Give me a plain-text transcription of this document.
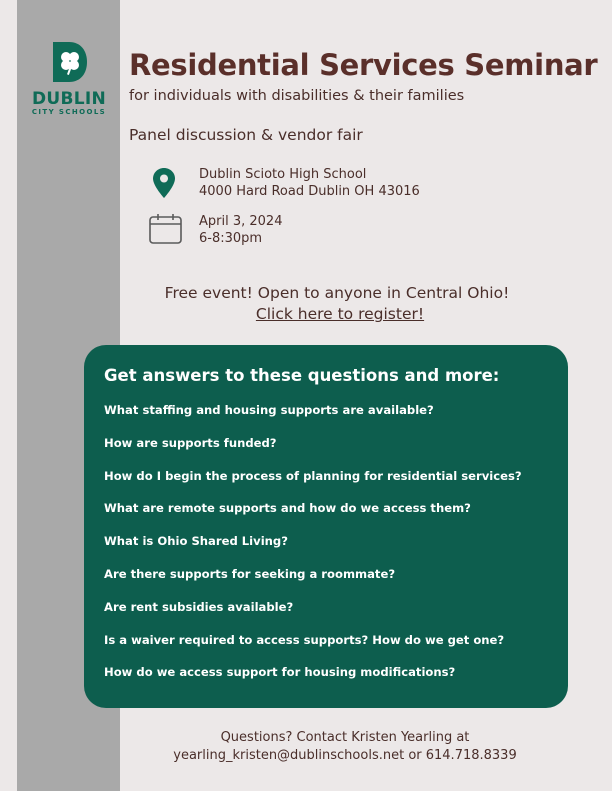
DUBLIN
CITY SCHOOLS
Residential Services Seminar
for individuals with disabilities & their families
Panel discussion & vendor fair
Dublin Scioto High School
4000 Hard Road Dublin OH 43016
April 3, 2024
6-8:30pm
Free event! Open to anyone in Central Ohio!
Click here to register!
Get answers to these questions and more:
What staffing and housing supports are available?
How are supports funded?
How do I begin the process of planning for residential services?
What are remote supports and how do we access them?
What is Ohio Shared Living?
Are there supports for seeking a roommate?
Are rent subsidies available?
Is a waiver required to access supports? How do we get one?
How do we access support for housing modifications?
Questions? Contact Kristen Yearling at
yearling_kristen@dublinschools.net or 614.718.8339
